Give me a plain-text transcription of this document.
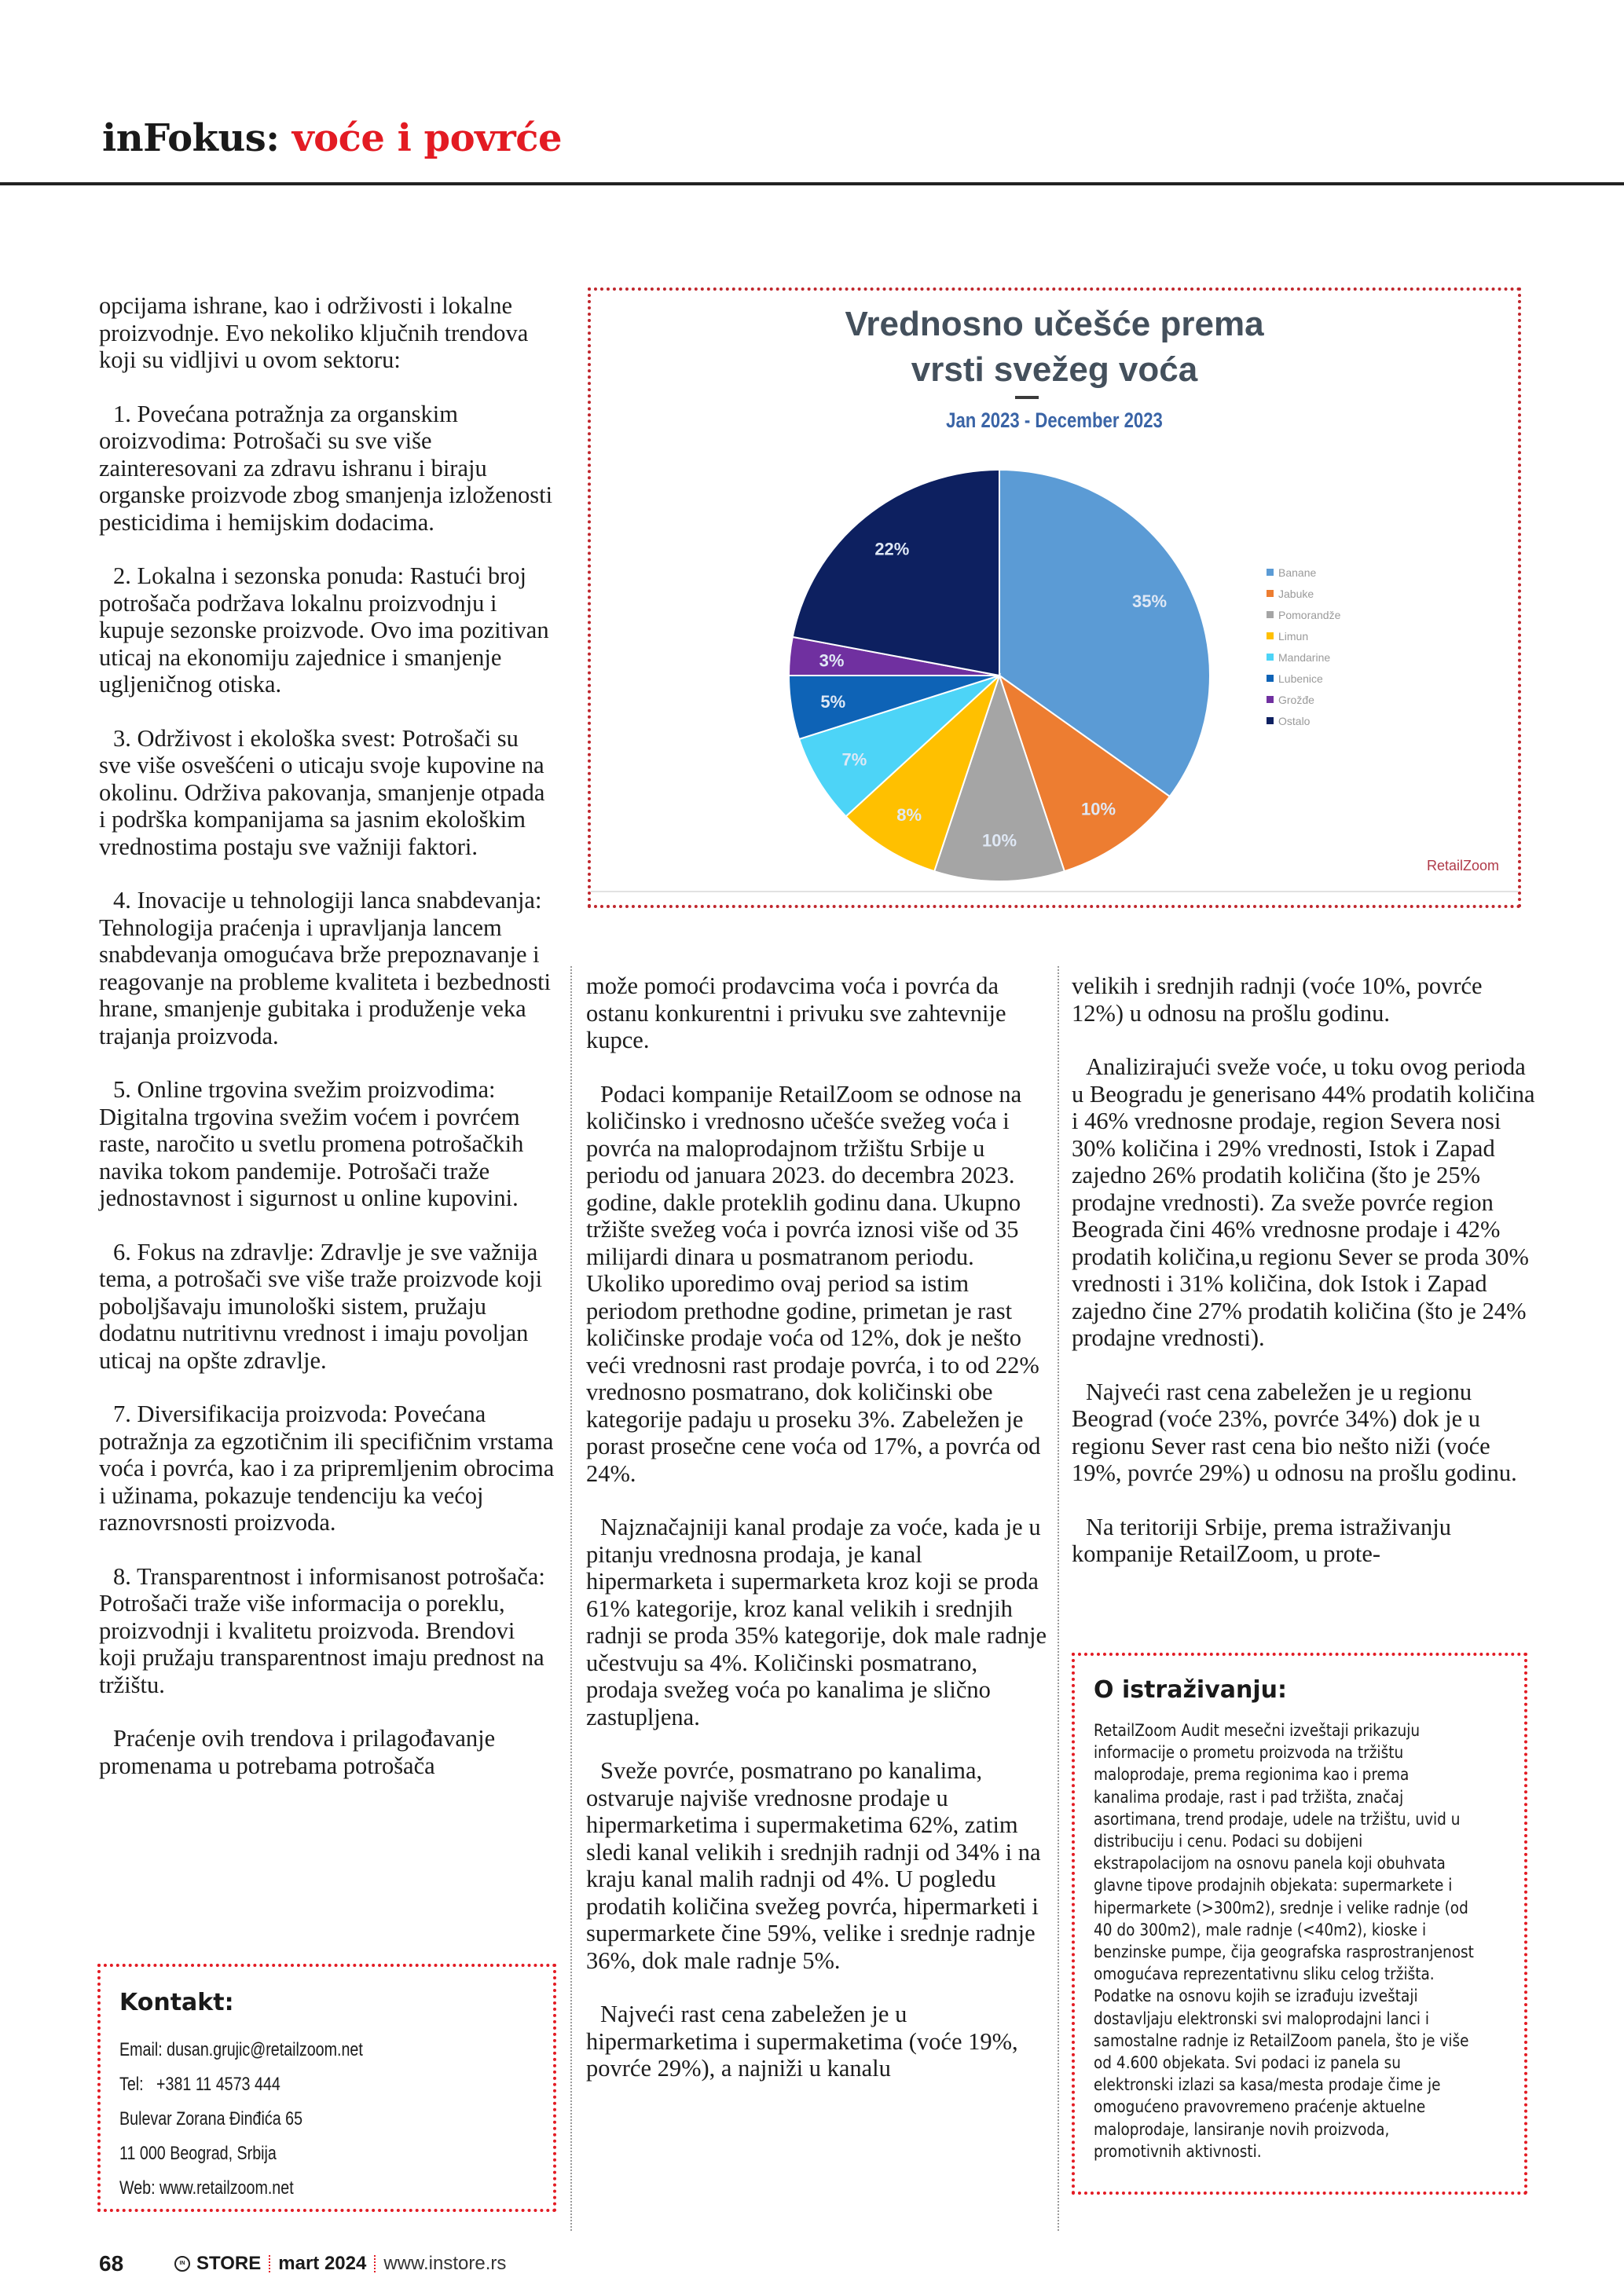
inFokus: voće i povrće

opcijama ishrane, kao i održivosti i lokalne proizvodnje. Evo nekoliko ključnih trendova koji su vidljivi u ovom sektoru:

1. Povećana potražnja za organskim oroizvodima: Potrošači su sve više zainteresovani za zdravu ishranu i biraju organske proizvode zbog smanjenja izloženosti pesticidima i hemijskim dodacima.

2. Lokalna i sezonska ponuda: Rastući broj potrošača podržava lokalnu proizvodnju i kupuje sezonske proizvode. Ovo ima pozitivan uticaj na ekonomiju zajednice i smanjenje ugljeničnog otiska.

3. Održivost i ekološka svest: Potrošači su sve više osvešćeni o uticaju svoje kupovine na okolinu. Održiva pakovanja, smanjenje otpada i podrška kompanijama sa jasnim ekološkim vrednostima postaju sve važniji faktori.

4. Inovacije u tehnologiji lanca snabdevanja: Tehnologija praćenja i upravljanja lancem snabdevanja omogućava brže prepoznavanje i reagovanje na probleme kvaliteta i bezbednosti hrane, smanjenje gubitaka i produženje veka trajanja proizvoda.

5. Online trgovina svežim proizvodima: Digitalna trgovina svežim voćem i povrćem raste, naročito u svetlu promena potrošačkih navika tokom pandemije. Potrošači traže jednostavnost i sigurnost u online kupovini.

6. Fokus na zdravlje: Zdravlje je sve važnija tema, a potrošači sve više traže proizvode koji poboljšavaju imunološki sistem, pružaju dodatnu nutritivnu vrednost i imaju povoljan uticaj na opšte zdravlje.

7. Diversifikacija proizvoda: Povećana potražnja za egzotičnim ili specifičnim vrstama voća i povrća, kao i za pripremljenim obrocima i užinama, pokazuje tendenciju ka većoj raznovrsnosti proizvoda.

8. Transparentnost i informisanost potrošača: Potrošači traže više informacija o poreklu, proizvodnji i kvalitetu proizvoda. Brendovi koji pružaju transparentnost imaju prednost na tržištu.

Praćenje ovih trendova i prilagođavanje promenama u potrebama potrošača

Vrednosno učešće prema
vrsti svežeg voća
Jan 2023 - December 2023
35%
10%
10%
8%
7%
5%
3%
22%
Banane
Jabuke
Pomorandže
Limun
Mandarine
Lubenice
Grožđe
Ostalo
RetailZoom

može pomoći prodavcima voća i povrća da ostanu konkurentni i privuku sve zahtevnije kupce.

Podaci kompanije RetailZoom se odnose na količinsko i vrednosno učešće svežeg voća i povrća na maloprodajnom tržištu Srbije u periodu od januara 2023. do decembra 2023. godine, dakle proteklih godinu dana. Ukupno tržište svežeg voća i povrća iznosi više od 35 milijardi dinara u posmatranom periodu. Ukoliko uporedimo ovaj period sa istim periodom prethodne godine, primetan je rast količinske prodaje voća od 12%, dok je nešto veći vrednosni rast prodaje povrća, i to od 22% vrednosno posmatrano, dok količinski obe kategorije padaju u proseku 3%. Zabeležen je porast prosečne cene voća od 17%, a povrća od 24%.

Najznačajniji kanal prodaje za voće, kada je u pitanju vrednosna prodaja, je kanal hipermarketa i supermarketa kroz koji se proda 61% kategorije, kroz kanal velikih i srednjih radnji se proda 35% kategorije, dok male radnje učestvuju sa 4%. Količinski posmatrano, prodaja svežeg voća po kanalima je slično zastupljena.

Sveže povrće, posmatrano po kanalima, ostvaruje najviše vrednosne prodaje u hipermarketima i supermaketima 62%, zatim sledi kanal velikih i srednjih radnji od 34% i na kraju kanal malih radnji od 4%. U pogledu prodatih količina svežeg povrća, hipermarketi i supermarkete čine 59%, velike i srednje radnje 36%, dok male radnje 5%.

Najveći rast cena zabeležen je u hipermarketima i supermaketima (voće 19%, povrće 29%), a najniži u kanalu

velikih i srednjih radnji (voće 10%, povrće 12%) u odnosu na prošlu godinu.

Analizirajući sveže voće, u toku ovog perioda u Beogradu je generisano 44% prodatih količina i 46% vrednosne prodaje, region Severa nosi 30% količina i 29% vrednosti, Istok i Zapad zajedno 26% prodatih količina (što je 25% prodajne vrednosti). Za sveže povrće region Beograda čini 46% vrednosne prodaje i 42% prodatih količina,u regionu Sever se proda 30% vrednosti i 31% količina, dok Istok i Zapad zajedno čine 27% prodatih količina (što je 24% prodajne vrednosti).

Najveći rast cena zabeležen je u regionu Beograd (voće 23%, povrće 34%) dok je u regionu Sever rast cena bio nešto niži (voće 19%, povrće 29%) u odnosu na prošlu godinu.

Na teritoriji Srbije, prema istraživanju kompanije RetailZoom, u prote-

Kontakt:
Email: dusan.grujic@retailzoom.net
Tel:   +381 11 4573 444
Bulevar Zorana Đinđića 65
11 000 Beograd, Srbija
Web: www.retailzoom.net
O istraživanju:
RetailZoom Audit mesečni izveštaji prikazuju informacije o prometu proizvoda na tržištu maloprodaje, prema regionima kao i prema kanalima prodaje, rast i pad tržišta, značaj asortimana, trend prodaje, udele na tržištu, uvid u distribuciju i cenu. Podaci su dobijeni ekstrapolacijom na osnovu panela koji obuhvata glavne tipove prodajnih objekata: supermarkete i hipermarkete (>300m2), srednje i velike radnje (od 40 do 300m2), male radnje (<40m2), kioske i benzinske pumpe, čija geografska rasprostranjenost omogućava reprezentativnu sliku celog tržišta. Podatke na osnovu kojih se izrađuju izveštaji dostavljaju elektronski svi maloprodajni lanci i samostalne radnje iz RetailZoom panela, što je više od 4.600 objekata. Svi podaci iz panela su elektronski izlazi sa kasa/mesta prodaje čime je omogućeno pravovremeno praćenje aktuelne maloprodaje, lansiranje novih proizvoda, promotivnih aktivnosti.
68	IN STORE mart 2024 www.instore.rs
